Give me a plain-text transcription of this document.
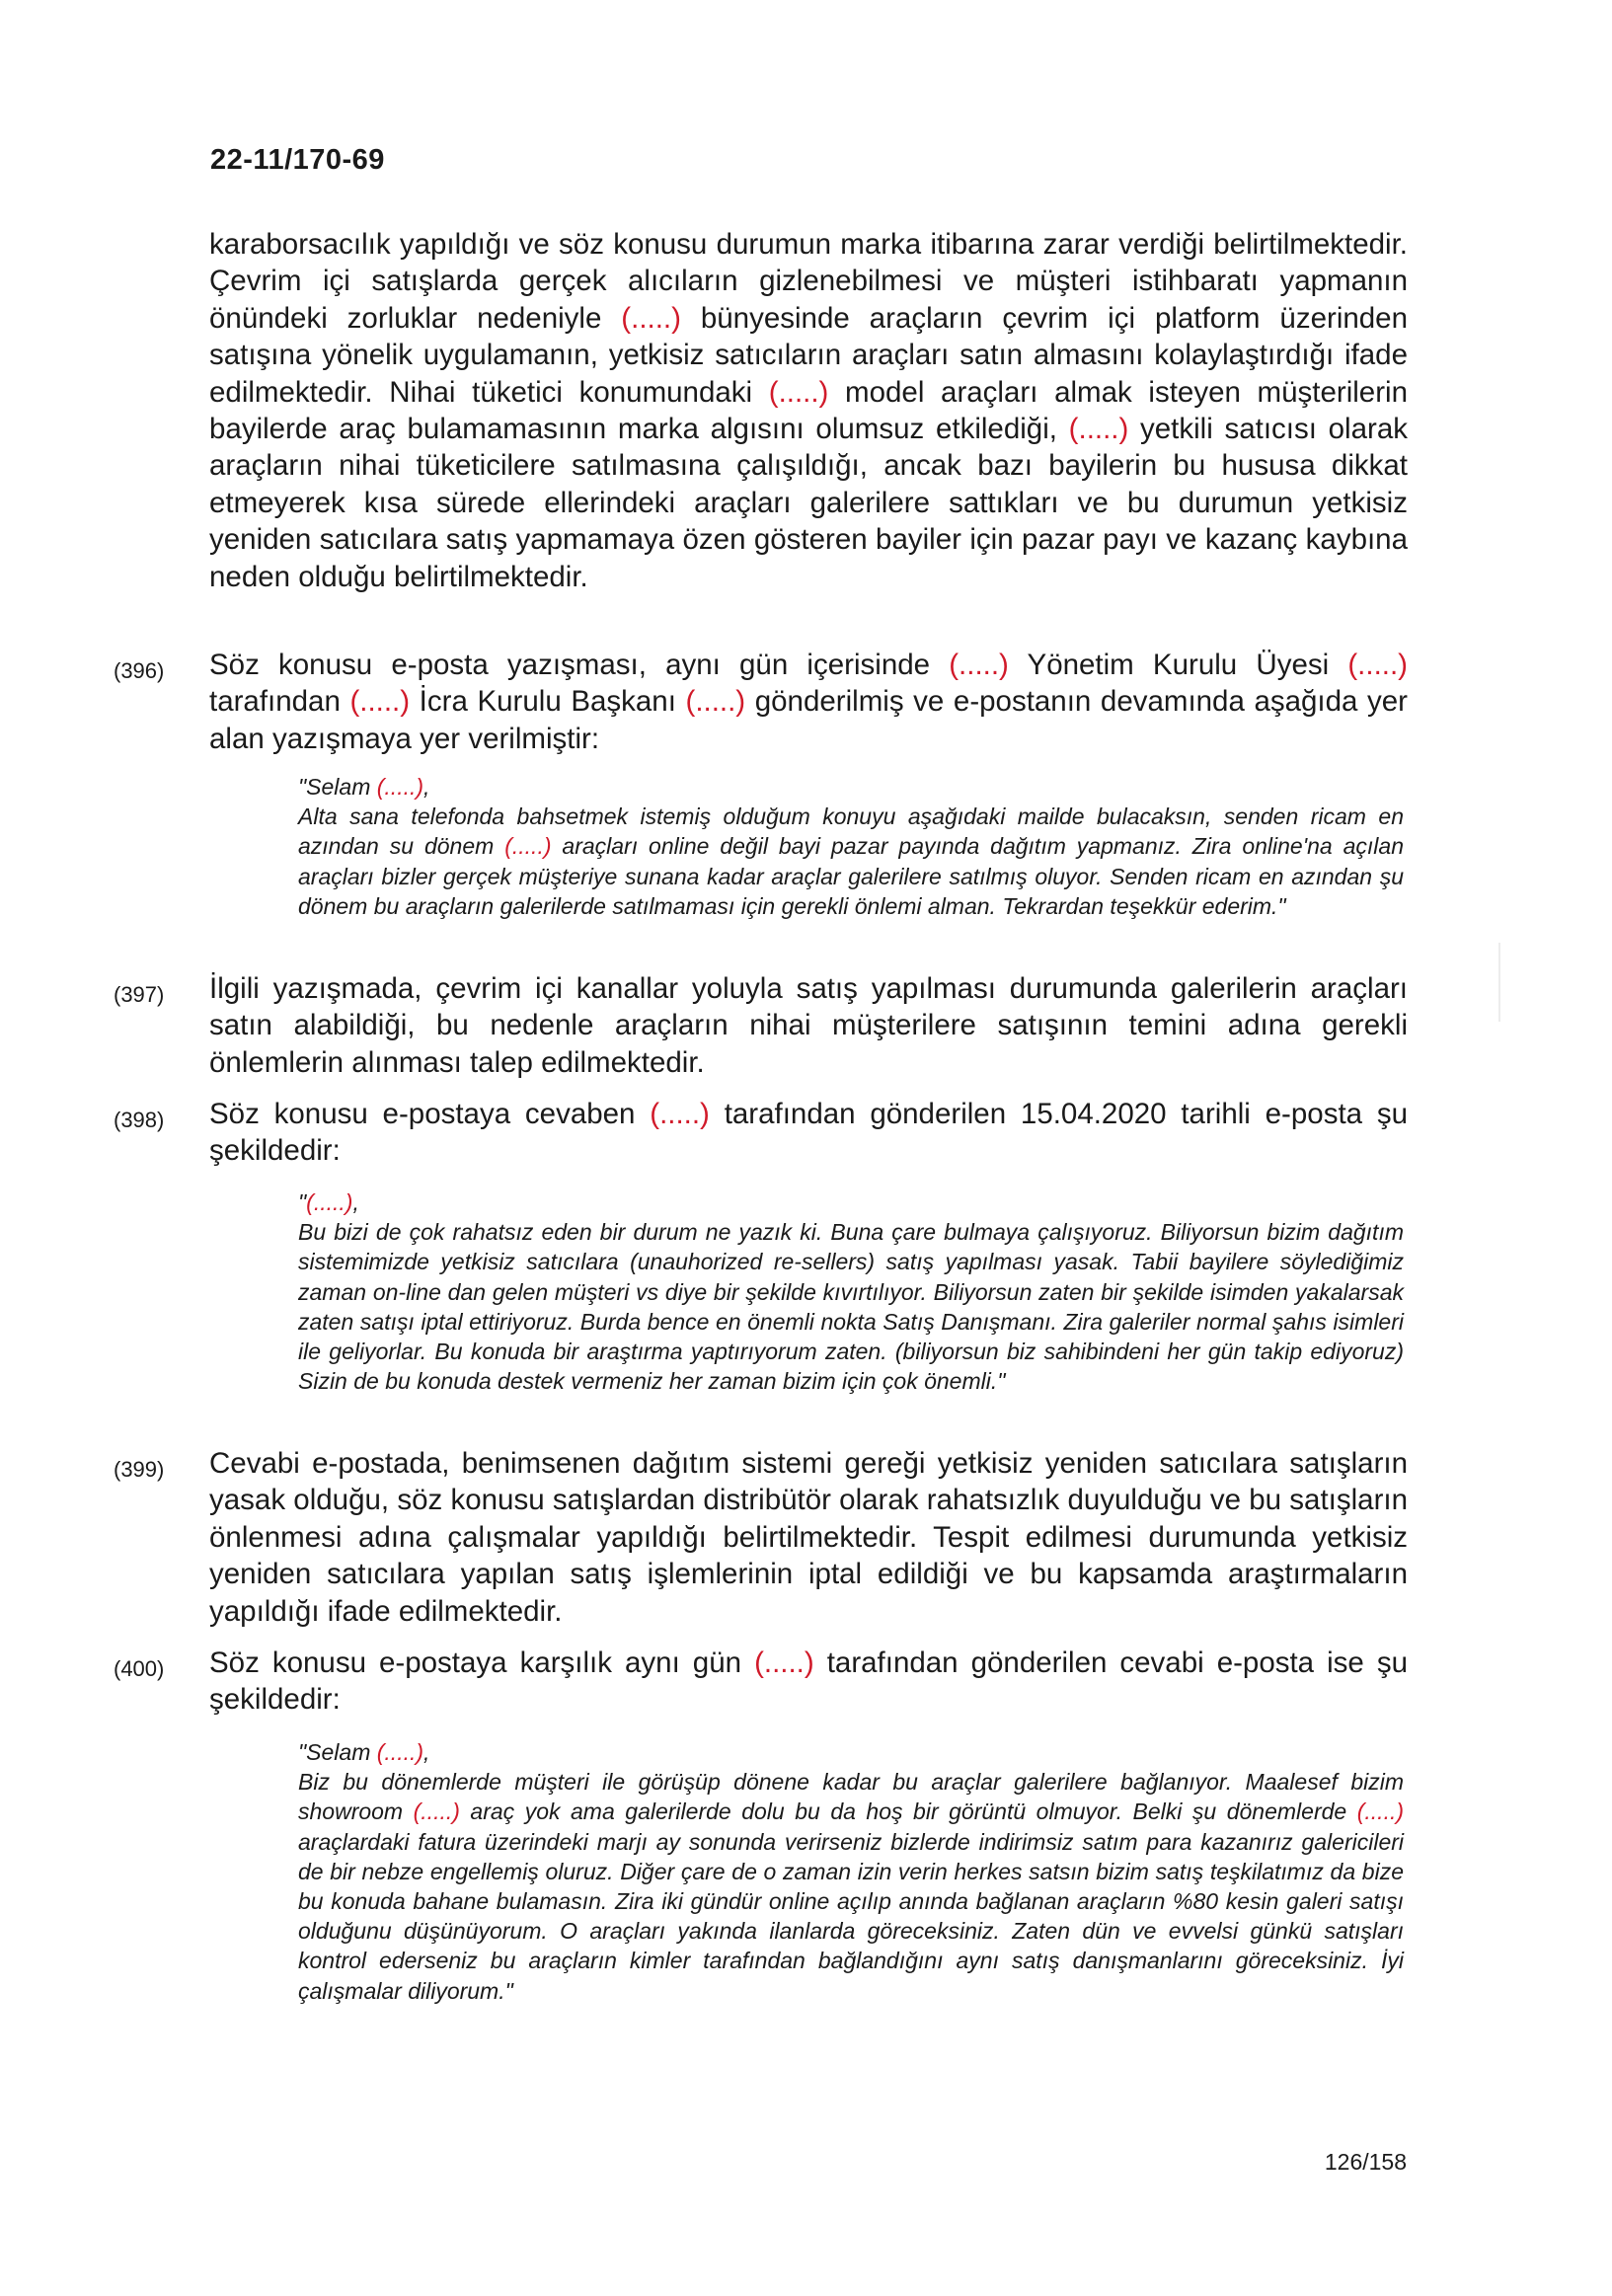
22-11/170-69

karaborsacılık yapıldığı ve söz konusu durumun marka itibarına zarar verdiği belirtilmektedir. Çevrim içi satışlarda gerçek alıcıların gizlenebilmesi ve müşteri istihbaratı yapmanın önündeki zorluklar nedeniyle (.....) bünyesinde araçların çevrim içi platform üzerinden satışına yönelik uygulamanın, yetkisiz satıcıların araçları satın almasını kolaylaştırdığı ifade edilmektedir. Nihai tüketici konumundaki (.....) model araçları almak isteyen müşterilerin bayilerde araç bulamamasının marka algısını olumsuz etkilediği, (.....) yetkili satıcısı olarak araçların nihai tüketicilere satılmasına çalışıldığı, ancak bazı bayilerin bu hususa dikkat etmeyerek kısa sürede ellerindeki araçları galerilere sattıkları ve bu durumun yetkisiz yeniden satıcılara satış yapmamaya özen gösteren bayiler için pazar payı ve kazanç kaybına neden olduğu belirtilmektedir.

(396) Söz konusu e-posta yazışması, aynı gün içerisinde (.....) Yönetim Kurulu Üyesi (.....) tarafından (.....) İcra Kurulu Başkanı (.....) gönderilmiş ve e-postanın devamında aşağıda yer alan yazışmaya yer verilmiştir:

"Selam (.....),
Alta sana telefonda bahsetmek istemiş olduğum konuyu aşağıdaki mailde bulacaksın, senden ricam en azından su dönem (.....) araçları online değil bayi pazar payında dağıtım yapmanız. Zira online'na açılan araçları bizler gerçek müşteriye sunana kadar araçlar galerilere satılmış oluyor. Senden ricam en azından şu dönem bu araçların galerilerde satılmaması için gerekli önlemi alman. Tekrardan teşekkür ederim."
(397) İlgili yazışmada, çevrim içi kanallar yoluyla satış yapılması durumunda galerilerin araçları satın alabildiği, bu nedenle araçların nihai müşterilere satışının temini adına gerekli önlemlerin alınması talep edilmektedir.

(398) Söz konusu e-postaya cevaben (.....) tarafından gönderilen 15.04.2020 tarihli e-posta şu şekildedir:

"(.....),
Bu bizi de çok rahatsız eden bir durum ne yazık ki. Buna çare bulmaya çalışıyoruz. Biliyorsun bizim dağıtım sistemimizde yetkisiz satıcılara (unauhorized re-sellers) satış yapılması yasak. Tabii bayilere söylediğimiz zaman on-line dan gelen müşteri vs diye bir şekilde kıvırtılıyor. Biliyorsun zaten bir şekilde isimden yakalarsak zaten satışı iptal ettiriyoruz. Burda bence en önemli nokta Satış Danışmanı. Zira galeriler normal şahıs isimleri ile geliyorlar. Bu konuda bir araştırma yaptırıyorum zaten. (biliyorsun biz sahibindeni her gün takip ediyoruz) Sizin de bu konuda destek vermeniz her zaman bizim için çok önemli."
(399) Cevabi e-postada, benimsenen dağıtım sistemi gereği yetkisiz yeniden satıcılara satışların yasak olduğu, söz konusu satışlardan distribütör olarak rahatsızlık duyulduğu ve bu satışların önlenmesi adına çalışmalar yapıldığı belirtilmektedir. Tespit edilmesi durumunda yetkisiz yeniden satıcılara yapılan satış işlemlerinin iptal edildiği ve bu kapsamda araştırmaların yapıldığı ifade edilmektedir.

(400) Söz konusu e-postaya karşılık aynı gün (.....) tarafından gönderilen cevabi e-posta ise şu şekildedir:

"Selam (.....),
Biz bu dönemlerde müşteri ile görüşüp dönene kadar bu araçlar galerilere bağlanıyor. Maalesef bizim showroom (.....) araç yok ama galerilerde dolu bu da hoş bir görüntü olmuyor. Belki şu dönemlerde (.....) araçlardaki fatura üzerindeki marjı ay sonunda verirseniz bizlerde indirimsiz satım para kazanırız galericileri de bir nebze engellemiş oluruz. Diğer çare de o zaman izin verin herkes satsın bizim satış teşkilatımız da bize bu konuda bahane bulamasın. Zira iki gündür online açılıp anında bağlanan araçların %80 kesin galeri satışı olduğunu düşünüyorum. O araçları yakında ilanlarda göreceksiniz. Zaten dün ve evvelsi günkü satışları kontrol ederseniz bu araçların kimler tarafından bağlandığını aynı satış danışmanlarını göreceksiniz. İyi çalışmalar diliyorum."
126/158
